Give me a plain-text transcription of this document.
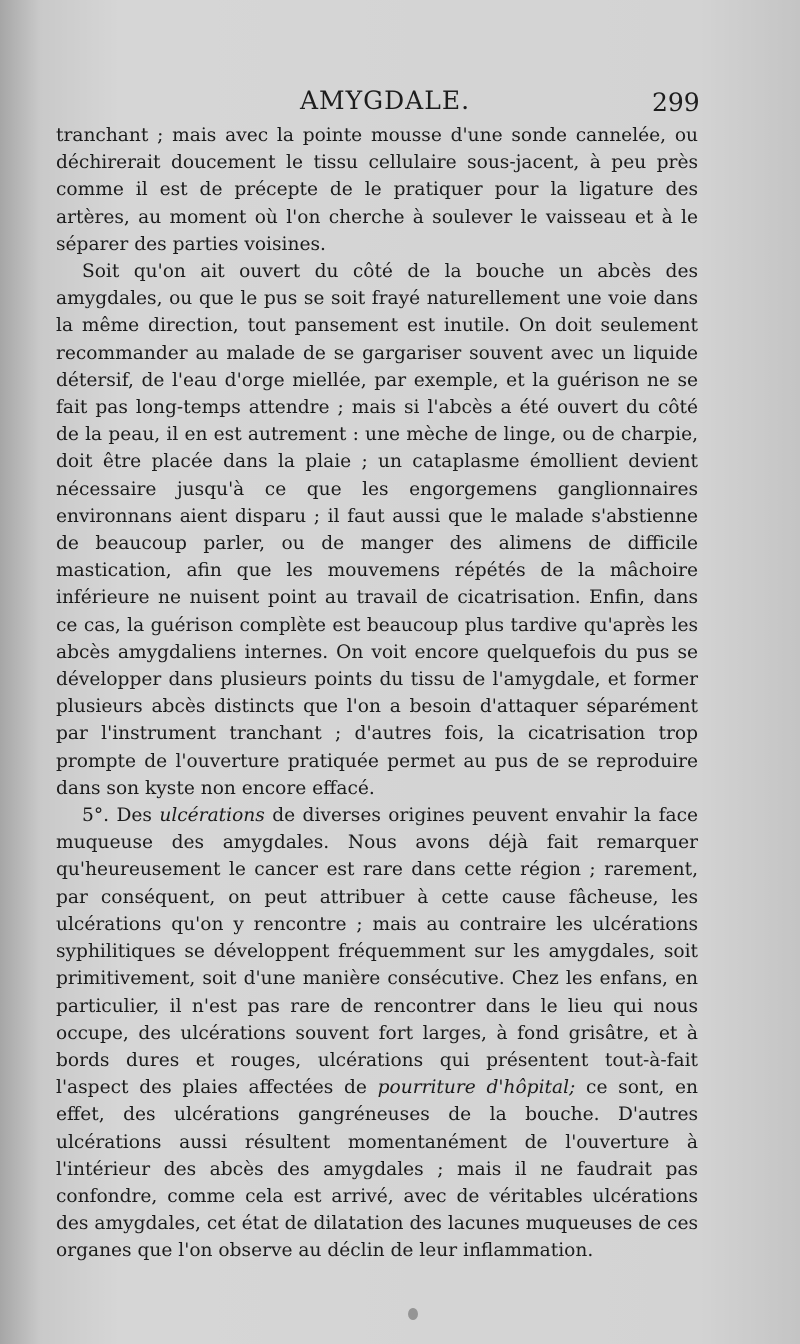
AMYGDALE.	299

tranchant ; mais avec la pointe mousse d'une sonde cannelée, ou déchirerait doucement le tissu cellulaire sous-jacent, à peu près comme il est de précepte de le pratiquer pour la ligature des artères, au moment où l'on cherche à soulever le vaisseau et à le séparer des parties voisines.

Soit qu'on ait ouvert du côté de la bouche un abcès des amygdales, ou que le pus se soit frayé naturellement une voie dans la même direction, tout pansement est inutile. On doit seulement recommander au malade de se gargariser souvent avec un liquide détersif, de l'eau d'orge miellée, par exemple, et la guérison ne se fait pas long-temps attendre ; mais si l'abcès a été ouvert du côté de la peau, il en est autrement : une mèche de linge, ou de charpie, doit être placée dans la plaie ; un cataplasme émollient devient nécessaire jusqu'à ce que les engorgemens ganglionnaires environnans aient disparu ; il faut aussi que le malade s'abstienne de beaucoup parler, ou de manger des alimens de difficile mastication, afin que les mouvemens répétés de la mâchoire inférieure ne nuisent point au travail de cicatrisation. Enfin, dans ce cas, la guérison complète est beaucoup plus tardive qu'après les abcès amygdaliens internes. On voit encore quelquefois du pus se développer dans plusieurs points du tissu de l'amygdale, et former plusieurs abcès distincts que l'on a besoin d'attaquer séparément par l'instrument tranchant ; d'autres fois, la cicatrisation trop prompte de l'ouverture pratiquée permet au pus de se reproduire dans son kyste non encore effacé.

5°. Des ulcérations de diverses origines peuvent envahir la face muqueuse des amygdales. Nous avons déjà fait remarquer qu'heureusement le cancer est rare dans cette région ; rarement, par conséquent, on peut attribuer à cette cause fâcheuse, les ulcérations qu'on y rencontre ; mais au contraire les ulcérations syphilitiques se développent fréquemment sur les amygdales, soit primitivement, soit d'une manière consécutive. Chez les enfans, en particulier, il n'est pas rare de rencontrer dans le lieu qui nous occupe, des ulcérations souvent fort larges, à fond grisâtre, et à bords dures et rouges, ulcérations qui présentent tout-à-fait l'aspect des plaies affectées de pourriture d'hôpital; ce sont, en effet, des ulcérations gangréneuses de la bouche. D'autres ulcérations aussi résultent momentanément de l'ouverture à l'intérieur des abcès des amygdales ; mais il ne faudrait pas confondre, comme cela est arrivé, avec de véritables ulcérations des amygdales, cet état de dilatation des lacunes muqueuses de ces organes que l'on observe au déclin de leur inflammation.
